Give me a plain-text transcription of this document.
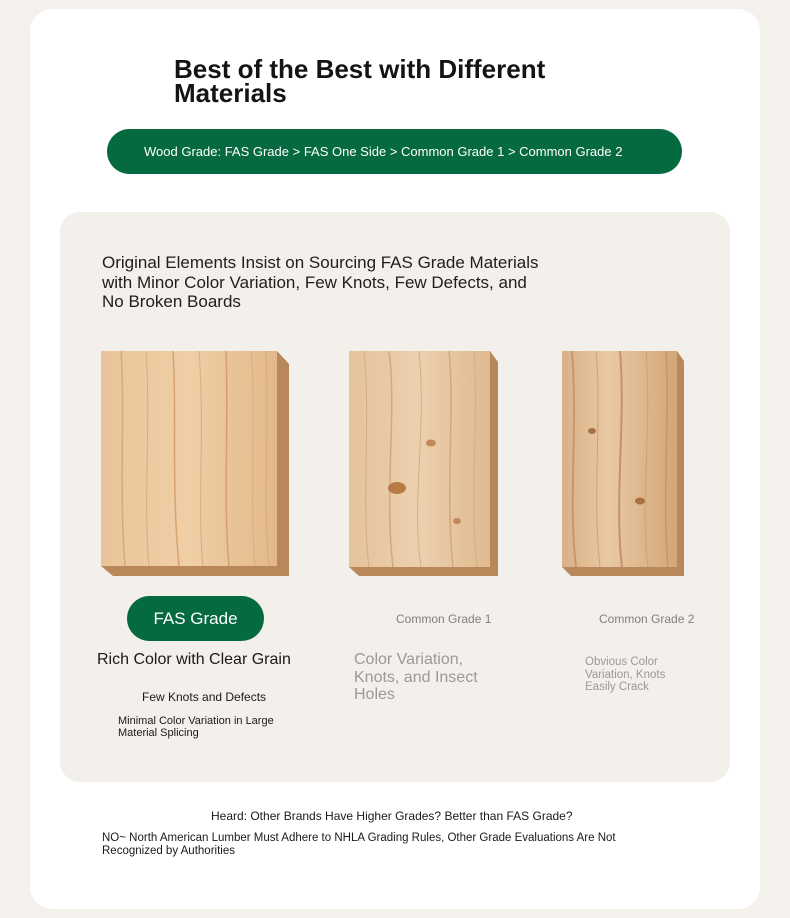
Best of the Best with Different Materials
Wood Grade: FAS Grade > FAS One Side > Common Grade 1 > Common Grade 2

Original Elements Insist on Sourcing FAS Grade Materials with Minor Color Variation, Few Knots, Few Defects, and No Broken Boards

FAS Grade	Common Grade 1	Common Grade 2

Rich Color with Clear Grain

Few Knots and Defects

Minimal Color Variation in Large Material Splicing

Color Variation, Knots, and Insect Holes

Obvious Color Variation, Knots Easily Crack

Heard: Other Brands Have Higher Grades? Better than FAS Grade?
NO~ North American Lumber Must Adhere to NHLA Grading Rules, Other Grade Evaluations Are Not Recognized by Authorities
